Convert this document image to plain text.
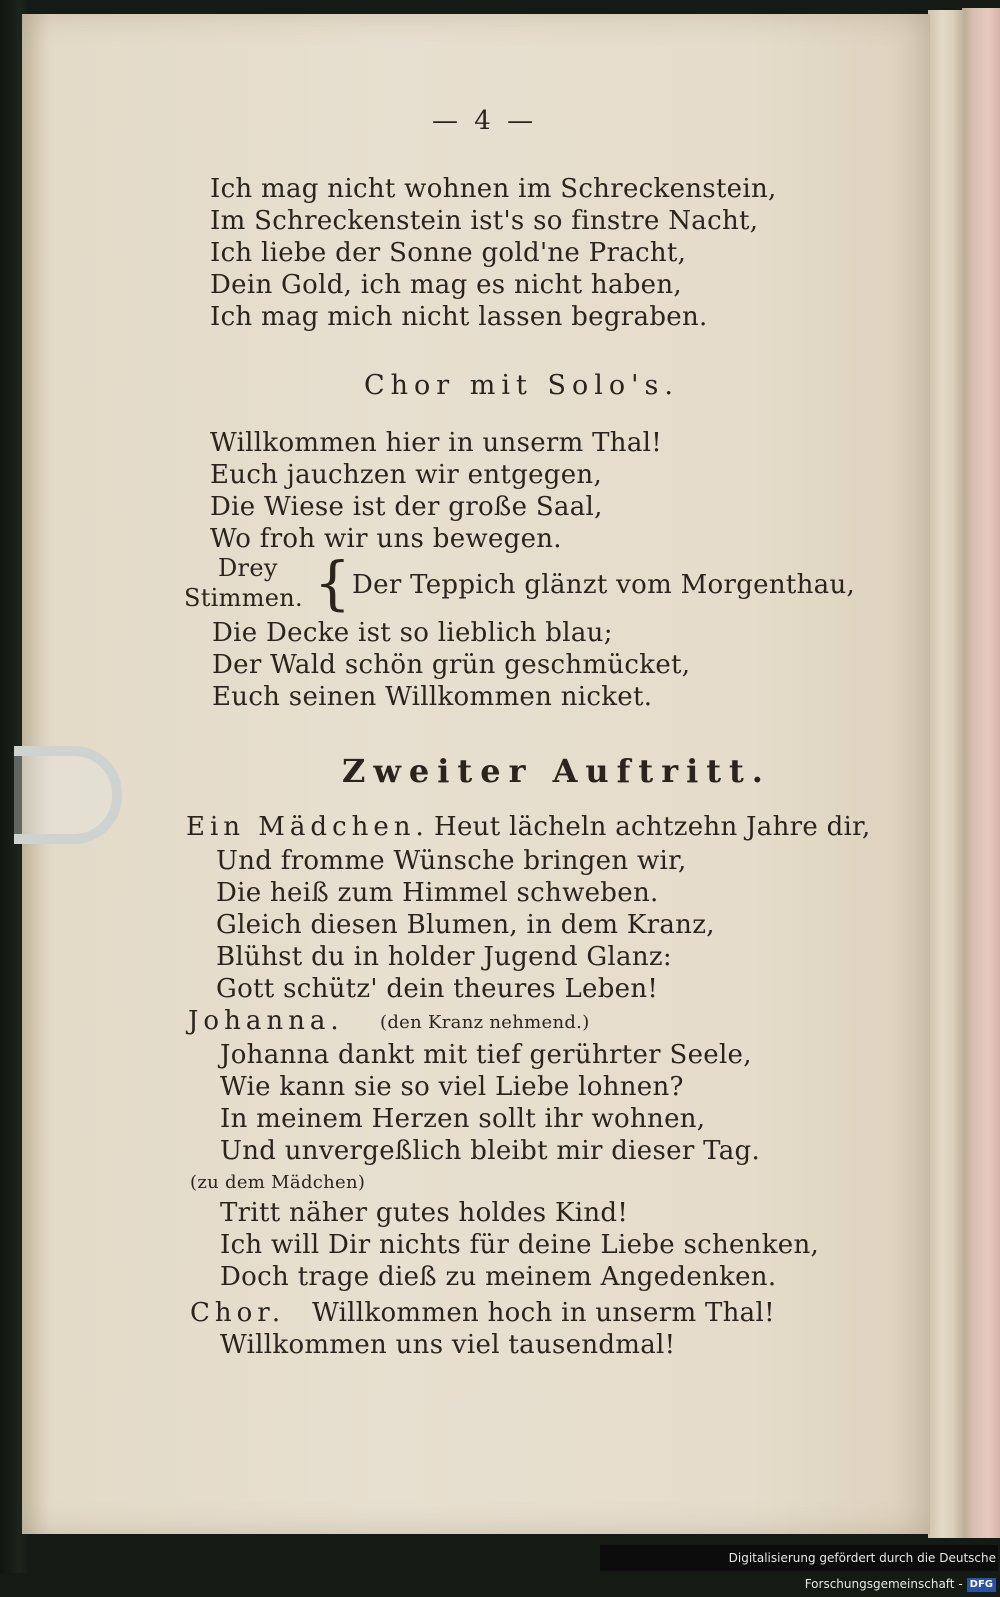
— 4 —
Ich mag nicht wohnen im Schreckenstein,
Im Schreckenstein ist's so finstre Nacht,
Ich liebe der Sonne gold'ne Pracht,
Dein Gold, ich mag es nicht haben,
Ich mag mich nicht lassen begraben.
Chor mit Solo's.
Willkommen hier in unserm Thal!
Euch jauchzen wir entgegen,
Die Wiese ist der große Saal,
Wo froh wir uns bewegen.
Drey
Stimmen. { Der Teppich glänzt vom Morgenthau,
Die Decke ist so lieblich blau;
Der Wald schön grün geschmücket,
Euch seinen Willkommen nicket.
Zweiter Auftritt.
Ein Mädchen. Heut lächeln achtzehn Jahre dir,
Und fromme Wünsche bringen wir,
Die heiß zum Himmel schweben.
Gleich diesen Blumen, in dem Kranz,
Blühst du in holder Jugend Glanz:
Gott schütz' dein theures Leben!
Johanna. (den Kranz nehmend.)
Johanna dankt mit tief gerührter Seele,
Wie kann sie so viel Liebe lohnen?
In meinem Herzen sollt ihr wohnen,
Und unvergeßlich bleibt mir dieser Tag.
(zu dem Mädchen)
Tritt näher gutes holdes Kind!
Ich will Dir nichts für deine Liebe schenken,
Doch trage dieß zu meinem Angedenken.
Chor. Willkommen hoch in unserm Thal!
Willkommen uns viel tausendmal!
Digitalisierung gefördert durch die Deutsche Forschungsgemeinschaft - DFG
